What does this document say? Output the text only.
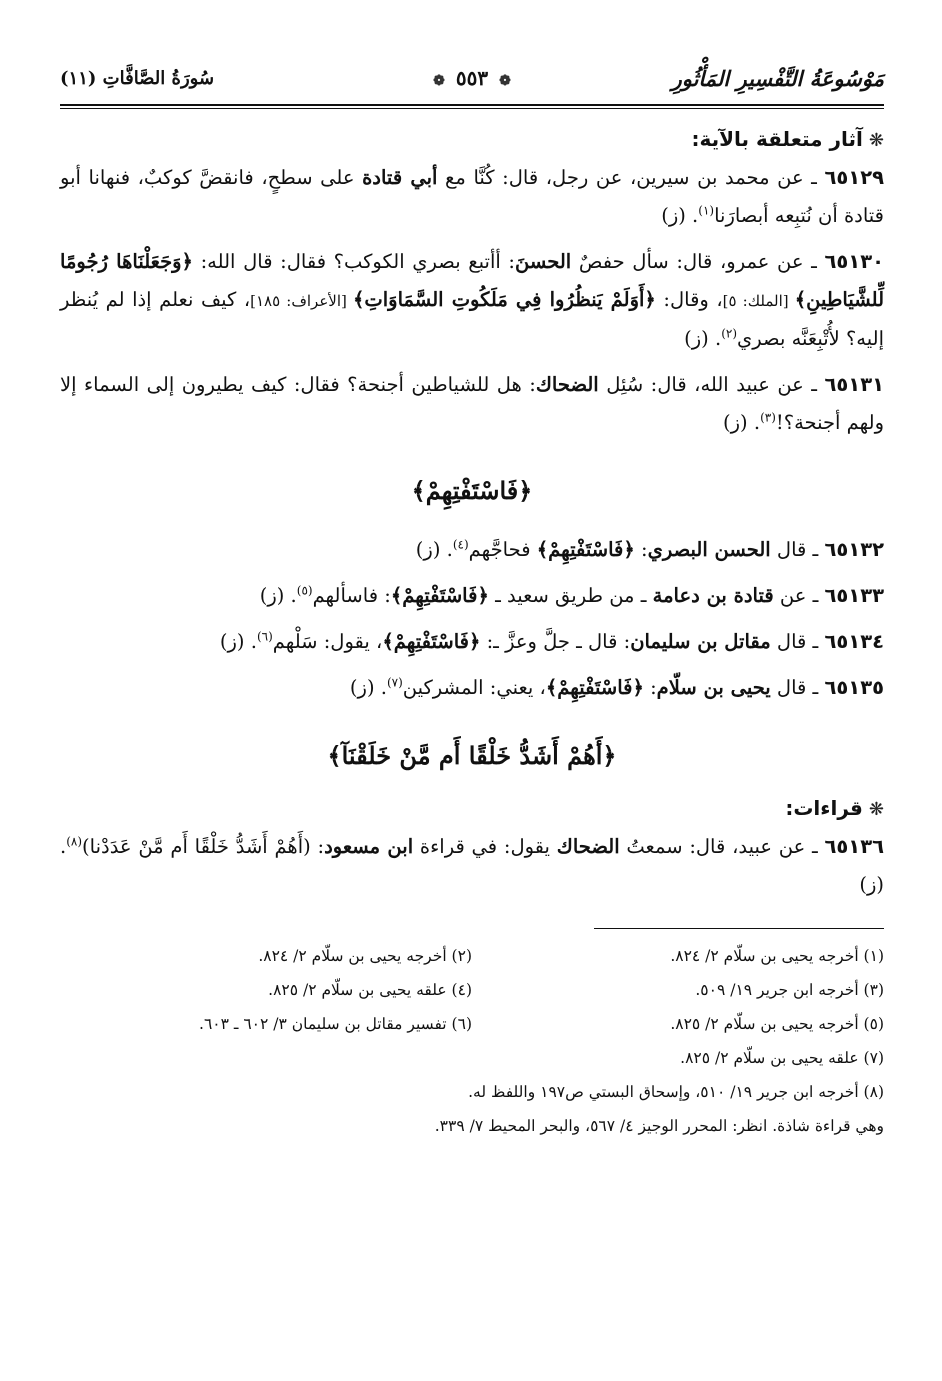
مَوْسُوعَةُ التَّفْسِيرِ المَأْثُورِ
❁ ٥٥٣ ❁
سُورَةُ الصَّافَّاتِ (١١)
❋آثار متعلقة بالآية:
٦٥١٢٩ ـ عن محمد بن سيرين، عن رجل، قال: كُنَّا مع أبي قتادة على سطحٍ، فانقضَّ كوكبٌ، فنهانا أبو قتادة أن نُتبِعه أبصارَنا$^{(١)}$. (ز)
٦٥١٣٠ ـ عن عمرو، قال: سأل حفصٌ الحسنَ: أأتبع بصري الكوكب؟ فقال: قال الله: ﴿وَجَعَلْنَاهَا رُجُومًا لِّلشَّيَاطِينِ﴾ [الملك: ٥]، وقال: ﴿أَوَلَمْ يَنظُرُوا فِي مَلَكُوتِ السَّمَاوَاتِ﴾ [الأعراف: ١٨٥]، كيف نعلم إذا لم يُنظر إليه؟ لأُتْبِعَنَّه بصري$^{(٢)}$. (ز)
٦٥١٣١ ـ عن عبيد الله، قال: سُئِل الضحاك: هل للشياطين أجنحة؟ فقال: كيف يطيرون إلى السماء إلا ولهم أجنحة؟!$^{(٣)}$. (ز)
﴿فَاسْتَفْتِهِمْ﴾
٦٥١٣٢ ـ قال الحسن البصري: ﴿فَاسْتَفْتِهِمْ﴾ فحاجَّهم$^{(٤)}$. (ز)
٦٥١٣٣ ـ عن قتادة بن دعامة ـ من طريق سعيد ـ ﴿فَاسْتَفْتِهِمْ﴾: فاسألهم$^{(٥)}$. (ز)
٦٥١٣٤ ـ قال مقاتل بن سليمان: قال ـ جلَّ وعزَّ ـ: ﴿فَاسْتَفْتِهِمْ﴾، يقول: سَلْهم$^{(٦)}$. (ز)
٦٥١٣٥ ـ قال يحيى بن سلّام: ﴿فَاسْتَفْتِهِمْ﴾، يعني: المشركين$^{(٧)}$. (ز)
﴿أَهُمْ أَشَدُّ خَلْقًا أَم مَّنْ خَلَقْنَآ﴾
❋قراءات:
٦٥١٣٦ ـ عن عبيد، قال: سمعتُ الضحاك يقول: في قراءة ابن مسعود: (أَهُمْ أَشَدُّ خَلْقًا أَم مَّنْ عَدَدْنا)$^{(٨)}$. (ز)
(١) أخرجه يحيى بن سلّام ٢/ ٨٢٤.
(٢) أخرجه يحيى بن سلّام ٢/ ٨٢٤.
(٣) أخرجه ابن جرير ١٩/ ٥٠٩.
(٤) علقه يحيى بن سلّام ٢/ ٨٢٥.
(٥) أخرجه يحيى بن سلّام ٢/ ٨٢٥.
(٦) تفسير مقاتل بن سليمان ٣/ ٦٠٢ ـ ٦٠٣.
(٧) علقه يحيى بن سلّام ٢/ ٨٢٥.
(٨) أخرجه ابن جرير ١٩/ ٥١٠، وإسحاق البستي ص١٩٧ واللفظ له.
وهي قراءة شاذة. انظر: المحرر الوجيز ٤/ ٥٦٧، والبحر المحيط ٧/ ٣٣٩.
